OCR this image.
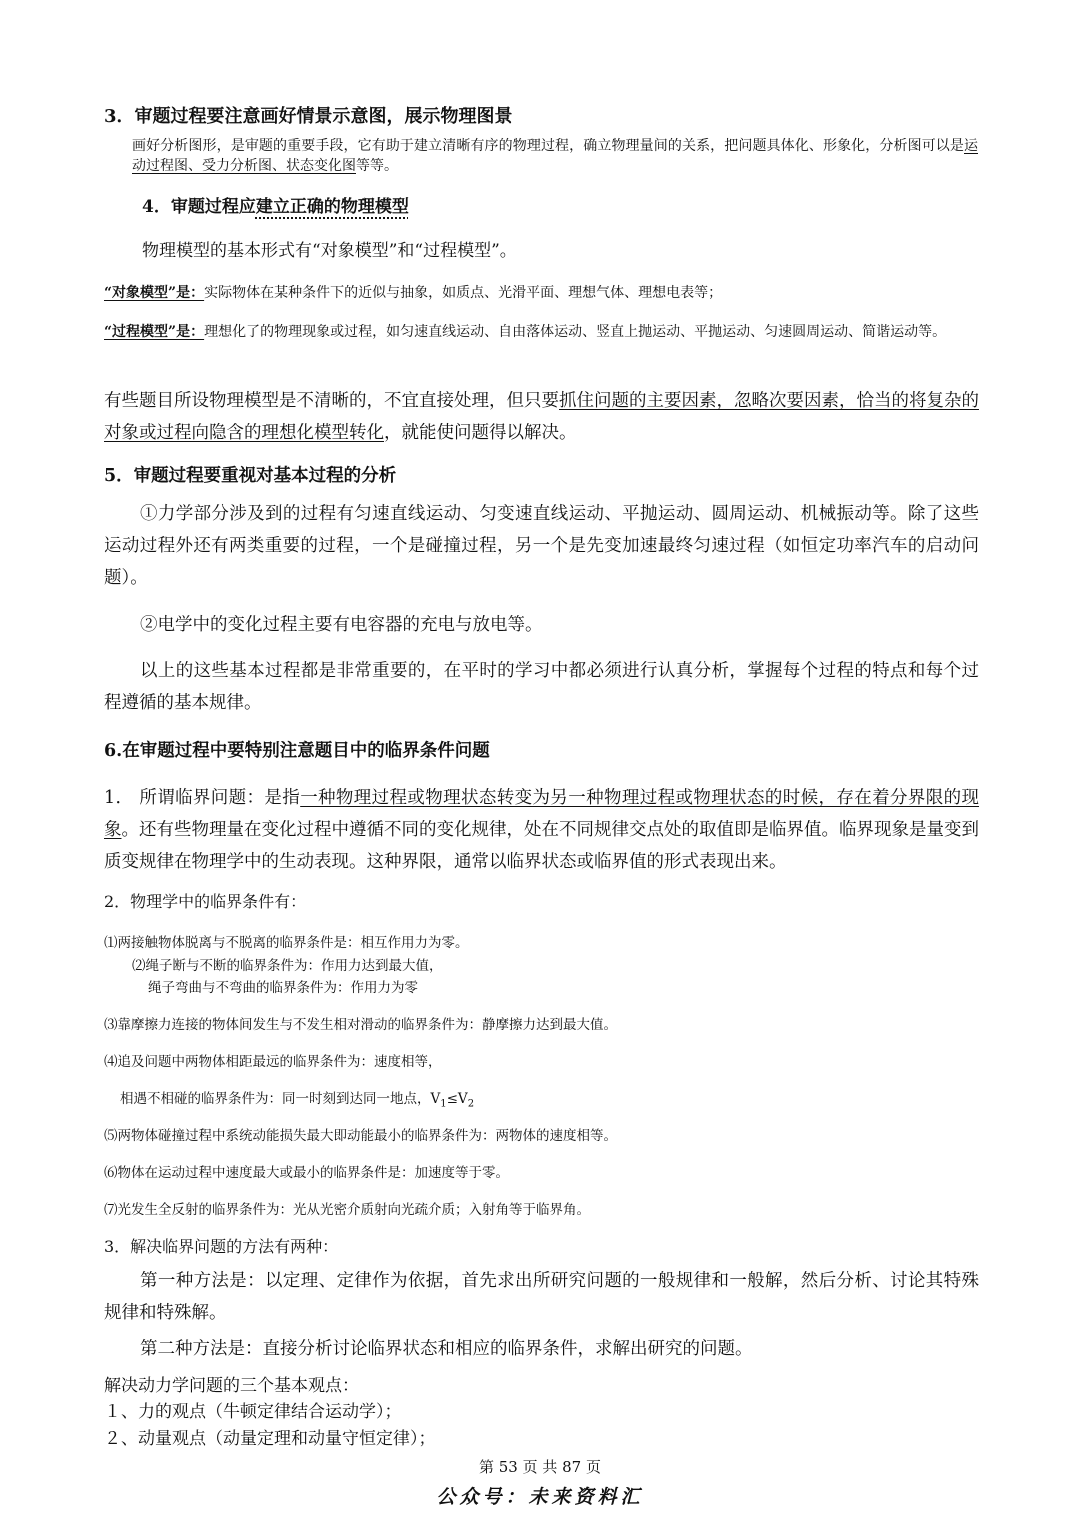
3．审题过程要注意画好情景示意图，展示物理图景
画好分析图形，是审题的重要手段，它有助于建立清晰有序的物理过程，确立物理量间的关系，把问题具体化、形象化，分析图可以是运动过程图、受力分析图、状态变化图等等。
4．审题过程应建立正确的物理模型
物理模型的基本形式有“对象模型”和“过程模型”。
“对象模型”是：实际物体在某种条件下的近似与抽象，如质点、光滑平面、理想气体、理想电表等；
“过程模型”是：理想化了的物理现象或过程，如匀速直线运动、自由落体运动、竖直上抛运动、平抛运动、匀速圆周运动、简谐运动等。
有些题目所设物理模型是不清晰的，不宜直接处理，但只要抓住问题的主要因素，忽略次要因素，恰当的将复杂的对象或过程向隐含的理想化模型转化，就能使问题得以解决。
5．审题过程要重视对基本过程的分析
①力学部分涉及到的过程有匀速直线运动、匀变速直线运动、平抛运动、圆周运动、机械振动等。除了这些运动过程外还有两类重要的过程，一个是碰撞过程，另一个是先变加速最终匀速过程（如恒定功率汽车的启动问题）。
②电学中的变化过程主要有电容器的充电与放电等。
以上的这些基本过程都是非常重要的，在平时的学习中都必须进行认真分析，掌握每个过程的特点和每个过程遵循的基本规律。
6.在审题过程中要特别注意题目中的临界条件问题
1． 所谓临界问题：是指一种物理过程或物理状态转变为另一种物理过程或物理状态的时候，存在着分界限的现象。还有些物理量在变化过程中遵循不同的变化规律，处在不同规律交点处的取值即是临界值。临界现象是量变到质变规律在物理学中的生动表现。这种界限，通常以临界状态或临界值的形式表现出来。
2．物理学中的临界条件有：
⑴两接触物体脱离与不脱离的临界条件是：相互作用力为零。
⑵绳子断与不断的临界条件为：作用力达到最大值，
绳子弯曲与不弯曲的临界条件为：作用力为零
⑶靠摩擦力连接的物体间发生与不发生相对滑动的临界条件为：静摩擦力达到最大值。
⑷追及问题中两物体相距最远的临界条件为：速度相等，
相遇不相碰的临界条件为：同一时刻到达同一地点，$V_1\le V_2$
⑸两物体碰撞过程中系统动能损失最大即动能最小的临界条件为：两物体的速度相等。
⑹物体在运动过程中速度最大或最小的临界条件是：加速度等于零。
⑺光发生全反射的临界条件为：光从光密介质射向光疏介质；入射角等于临界角。
3．解决临界问题的方法有两种：
第一种方法是：以定理、定律作为依据，首先求出所研究问题的一般规律和一般解，然后分析、讨论其特殊规律和特殊解。
第二种方法是：直接分析讨论临界状态和相应的临界条件，求解出研究的问题。
解决动力学问题的三个基本观点：
１、力的观点（牛顿定律结合运动学）；
２、动量观点（动量定理和动量守恒定律）；
第 53 页 共 87 页
公众号：未来资料汇
